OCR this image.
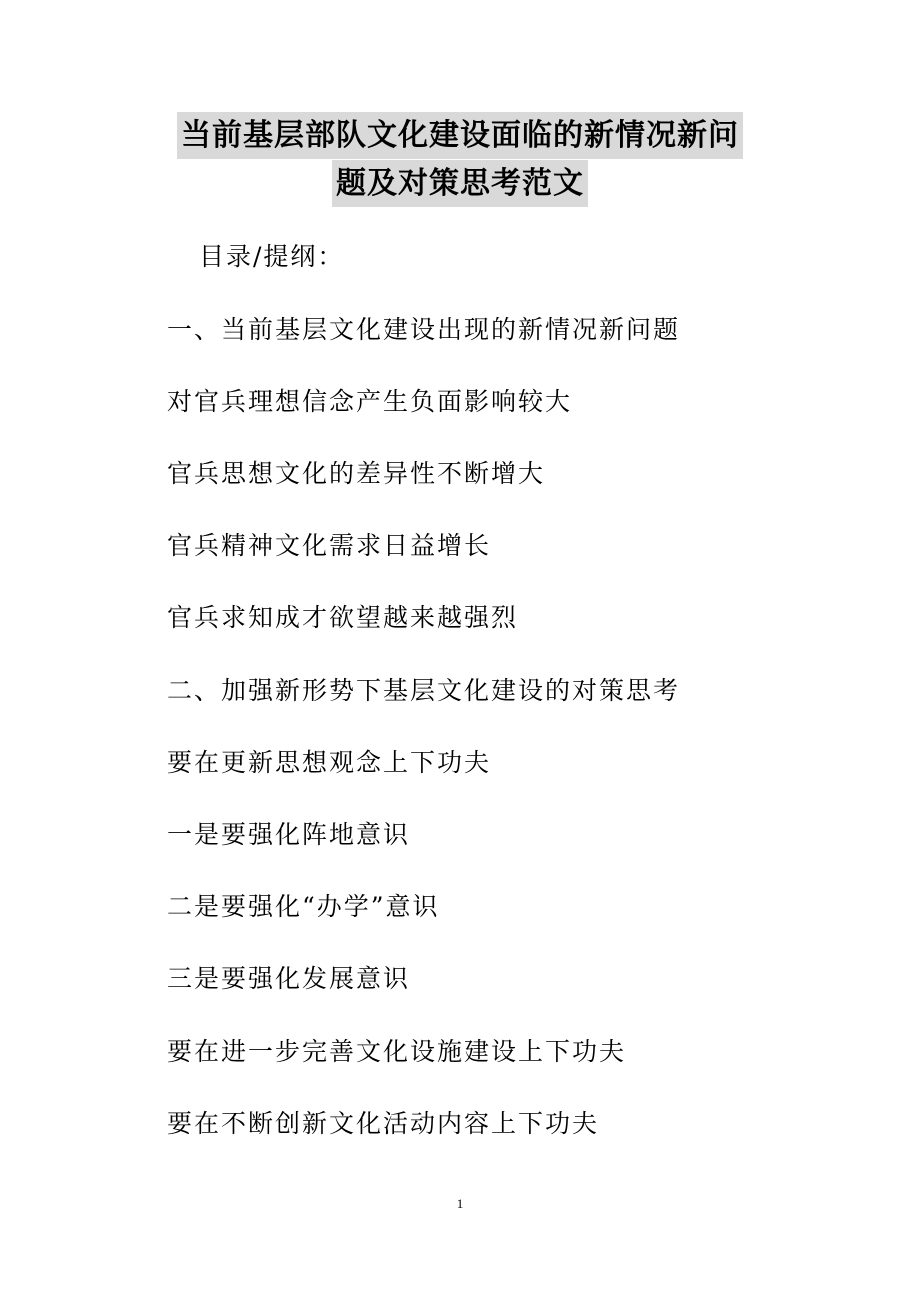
当前基层部队文化建设面临的新情况新问
题及对策思考范文
目录/提纲：
一、当前基层文化建设出现的新情况新问题
对官兵理想信念产生负面影响较大
官兵思想文化的差异性不断增大
官兵精神文化需求日益增长
官兵求知成才欲望越来越强烈
二、加强新形势下基层文化建设的对策思考
要在更新思想观念上下功夫
一是要强化阵地意识
二是要强化“办学”意识
三是要强化发展意识
要在进一步完善文化设施建设上下功夫
要在不断创新文化活动内容上下功夫
1
